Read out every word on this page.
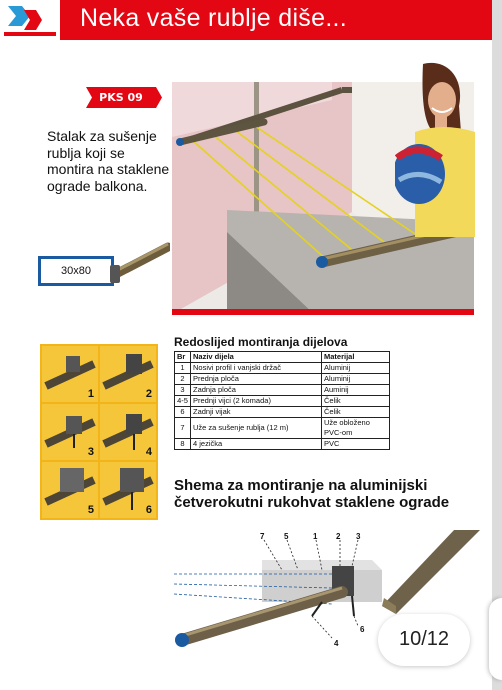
Neka vaše rublje diše...
PKS 09
Stalak za sušenje rublja koji se montira na staklene ograde balkona.
30x80
1	2
3	4
5	6
Redoslijed montiranja dijelova
Br	Naziv dijela	Materijal
1	Nosivi profil i vanjski držač	Aluminij
2	Prednja ploča	Aluminij
3	Zadnja ploča	Auminij
4-5	Prednji vijci (2 komada)	Čelik
6	Zadnji vijak	Čelik
7	Uže za sušenje rublja (12 m)	Uže obloženo PVC-om
8	4 jezička	PVC
Shema za montiranje na aluminijski četverokutni rukohvat staklene ograde
7 5	1 2 3
4
6	10/12
